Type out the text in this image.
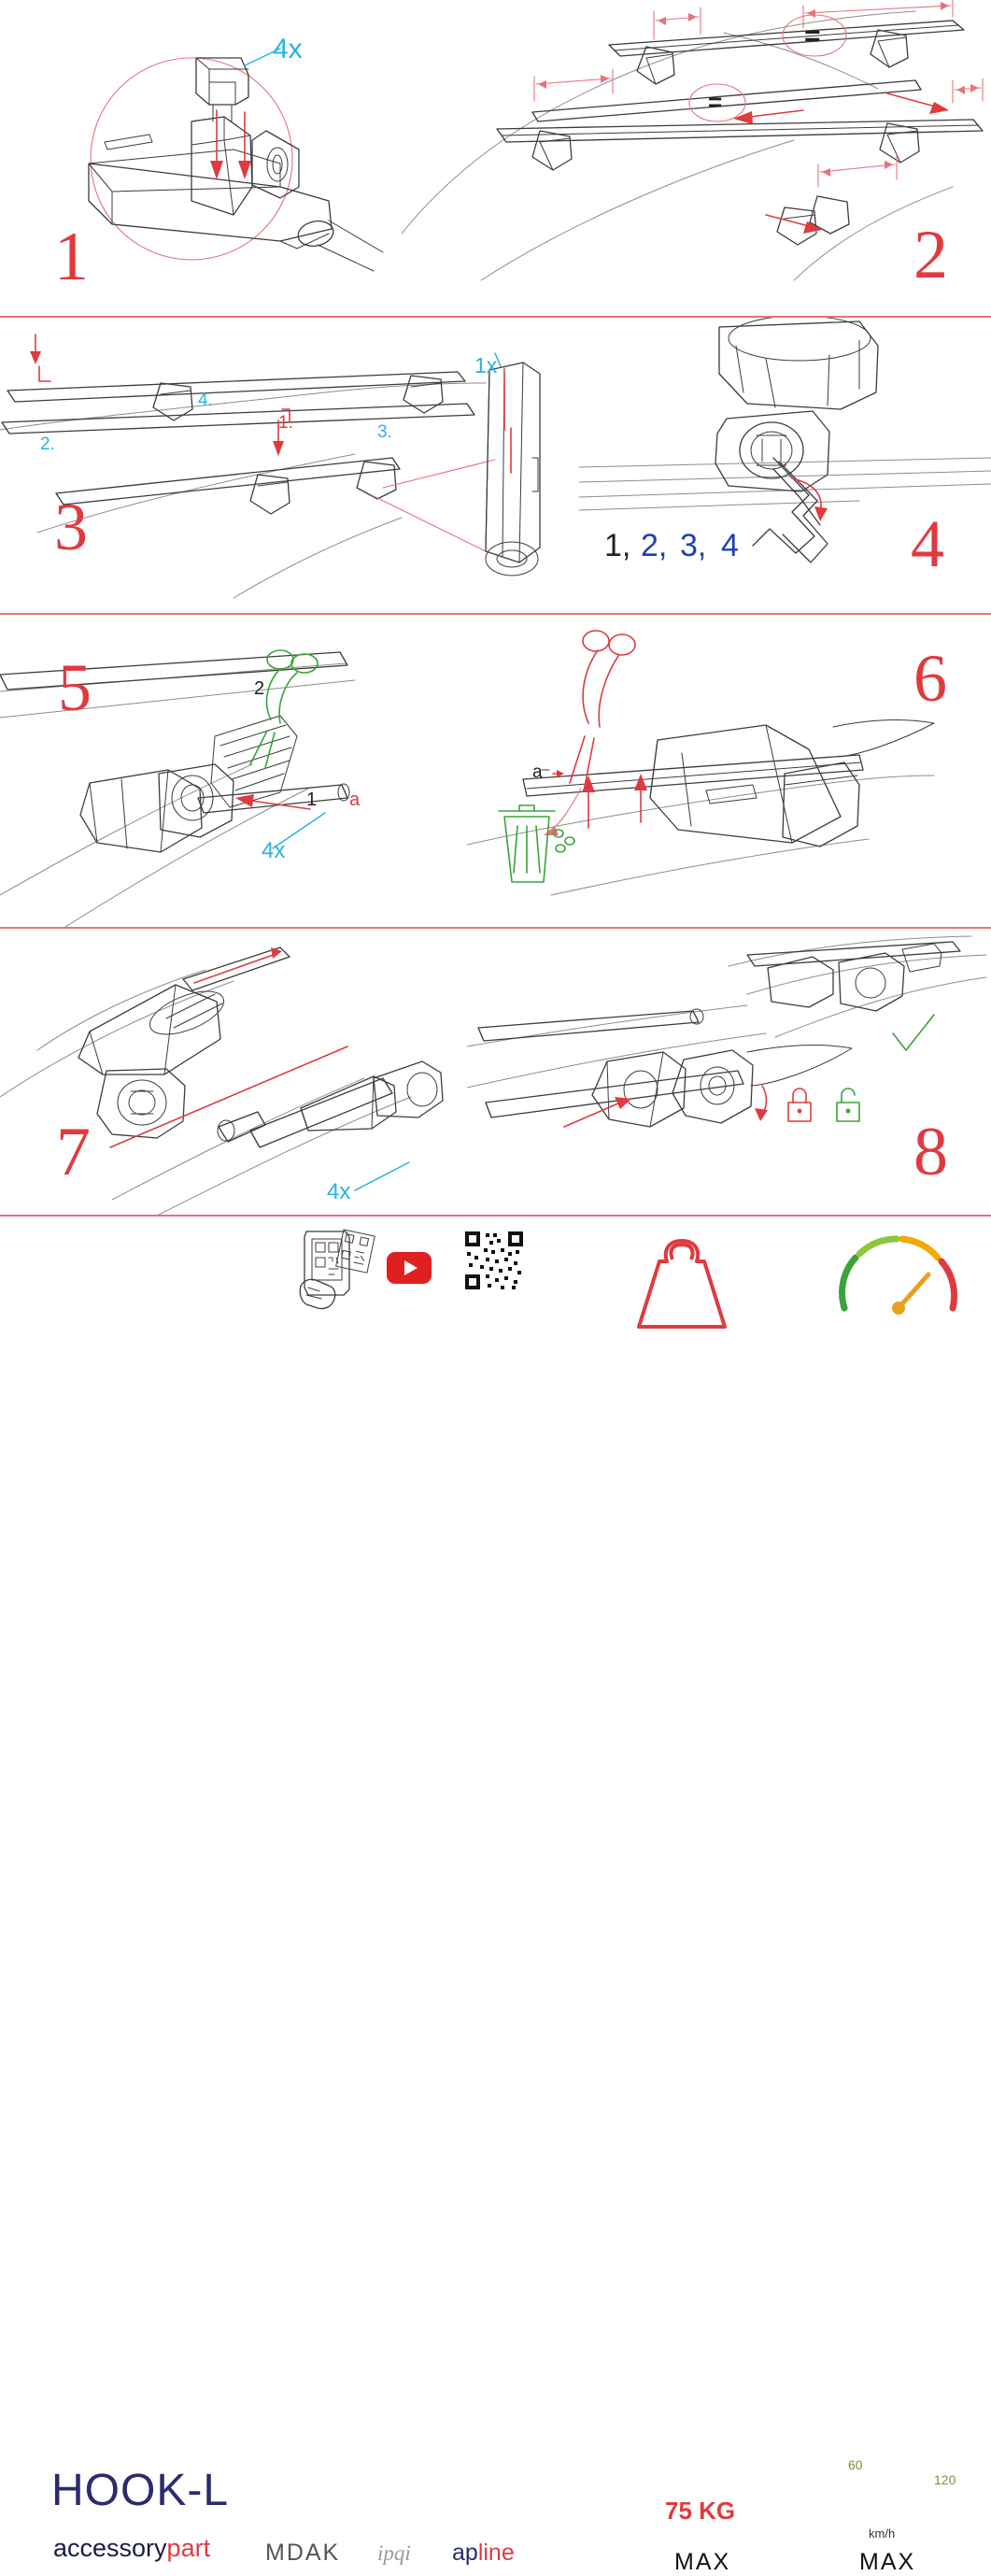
1
4x
2
=
=
3
1.
2.
3.
4.
1x
4
1, 2, 3, 4
5	2
1 a
4x
6
a
7
4x
8
HOOK-L
accessorypart MDAK ipqi apline
75 KG
MAX	MAX
km/h
60
120
